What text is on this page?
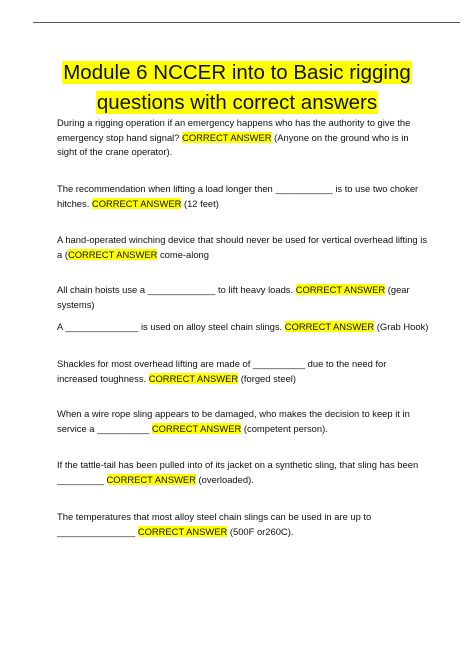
Module 6 NCCER into to Basic rigging
questions with correct answers
During a rigging operation if an emergency happens who has the authority to give the emergency stop hand signal? CORRECT ANSWER (Anyone on the ground who is in sight of the crane operator).
The recommendation when lifting a load longer then ___________ is to use two choker hitches. CORRECT ANSWER (12 feet)
A hand-operated winching device that should never be used for vertical overhead lifting is a (CORRECT ANSWER come-along
All chain hoists use a _____________ to lift heavy loads. CORRECT ANSWER (gear systems)
A ______________ is used on alloy steel chain slings. CORRECT ANSWER (Grab Hook)
Shackles for most overhead lifting are made of __________ due to the need for increased toughness. CORRECT ANSWER (forged steel)
When a wire rope sling appears to be damaged, who makes the decision to keep it in service a __________ CORRECT ANSWER (competent person).
If the tattle-tail has been pulled into of its jacket on a synthetic sling, that sling has been _________ CORRECT ANSWER (overloaded).
The temperatures that most alloy steel chain slings can be used in are up to _______________ CORRECT ANSWER (500F or260C).
